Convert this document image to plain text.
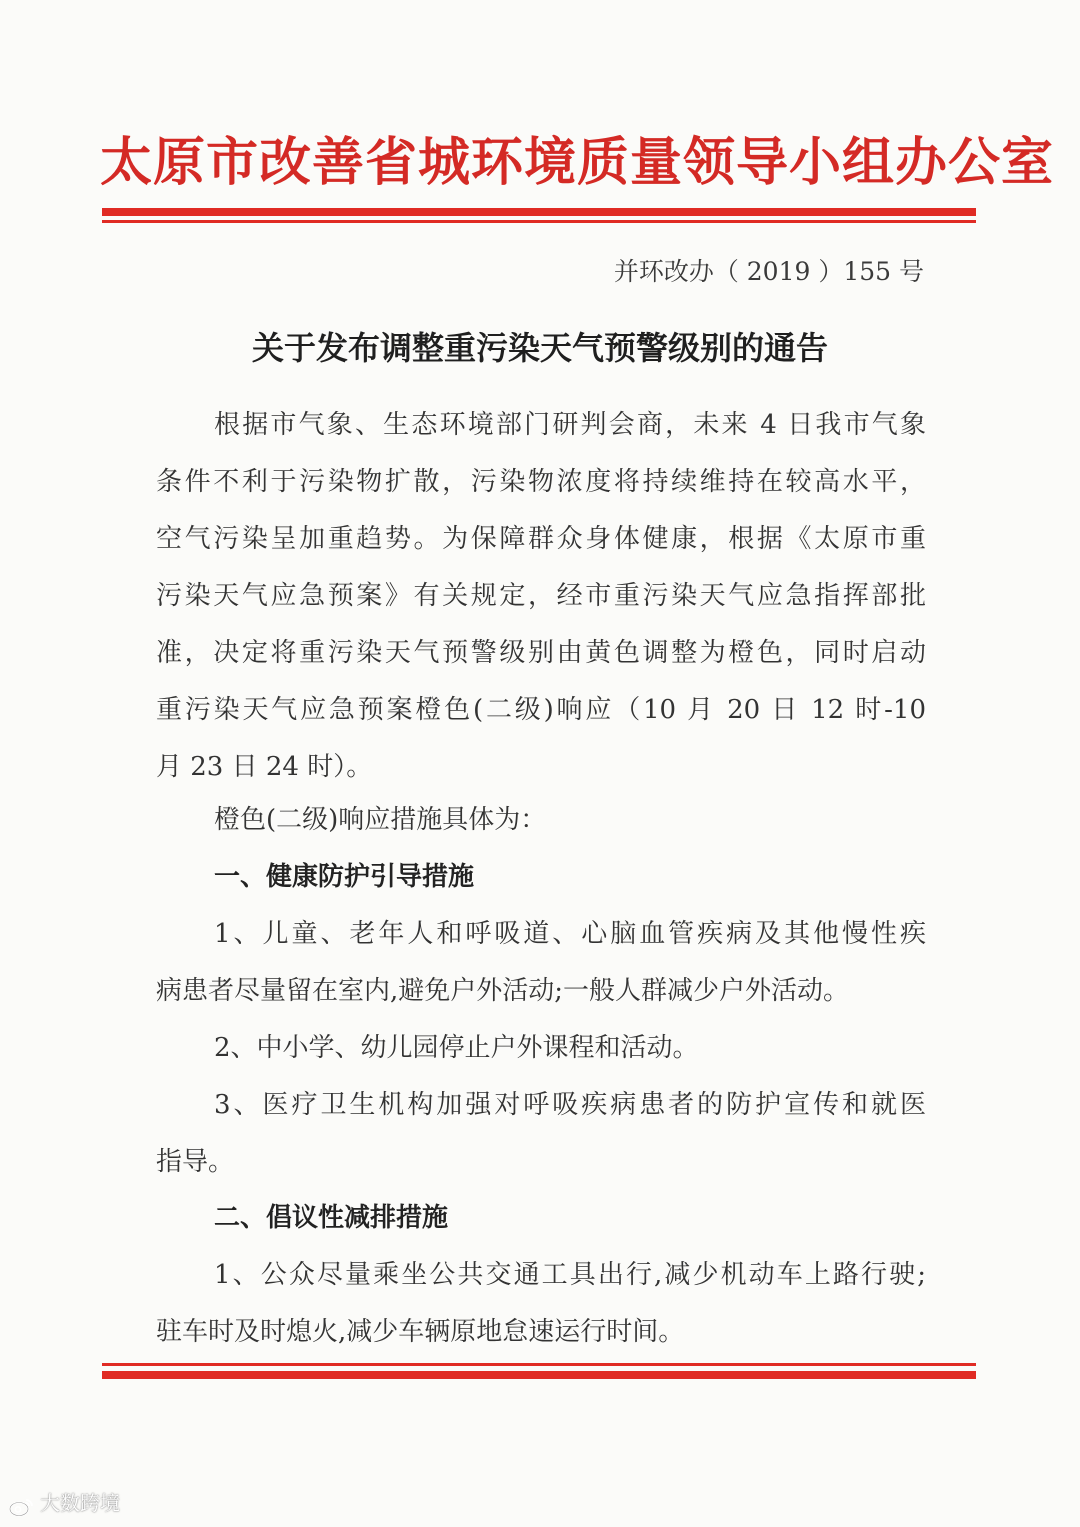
太原市改善省城环境质量领导小组办公室
并环改办（ 2019 ）155 号
关于发布调整重污染天气预警级别的通告
根据市气象、生态环境部门研判会商，未来 4 日我市气象
条件不利于污染物扩散，污染物浓度将持续维持在较高水平，
空气污染呈加重趋势。为保障群众身体健康，根据《太原市重
污染天气应急预案》有关规定，经市重污染天气应急指挥部批
准，决定将重污染天气预警级别由黄色调整为橙色，同时启动
重污染天气应急预案橙色(二级)响应（10 月 20 日 12 时-10
月 23 日 24 时）。
橙色(二级)响应措施具体为：
一、健康防护引导措施
1、儿童、老年人和呼吸道、心脑血管疾病及其他慢性疾
病患者尽量留在室内,避免户外活动;一般人群减少户外活动。
2、中小学、幼儿园停止户外课程和活动。
3、医疗卫生机构加强对呼吸疾病患者的防护宣传和就医
指导。
二、倡议性减排措施
1、公众尽量乘坐公共交通工具出行,减少机动车上路行驶;
驻车时及时熄火,减少车辆原地怠速运行时间。
大数跨境
